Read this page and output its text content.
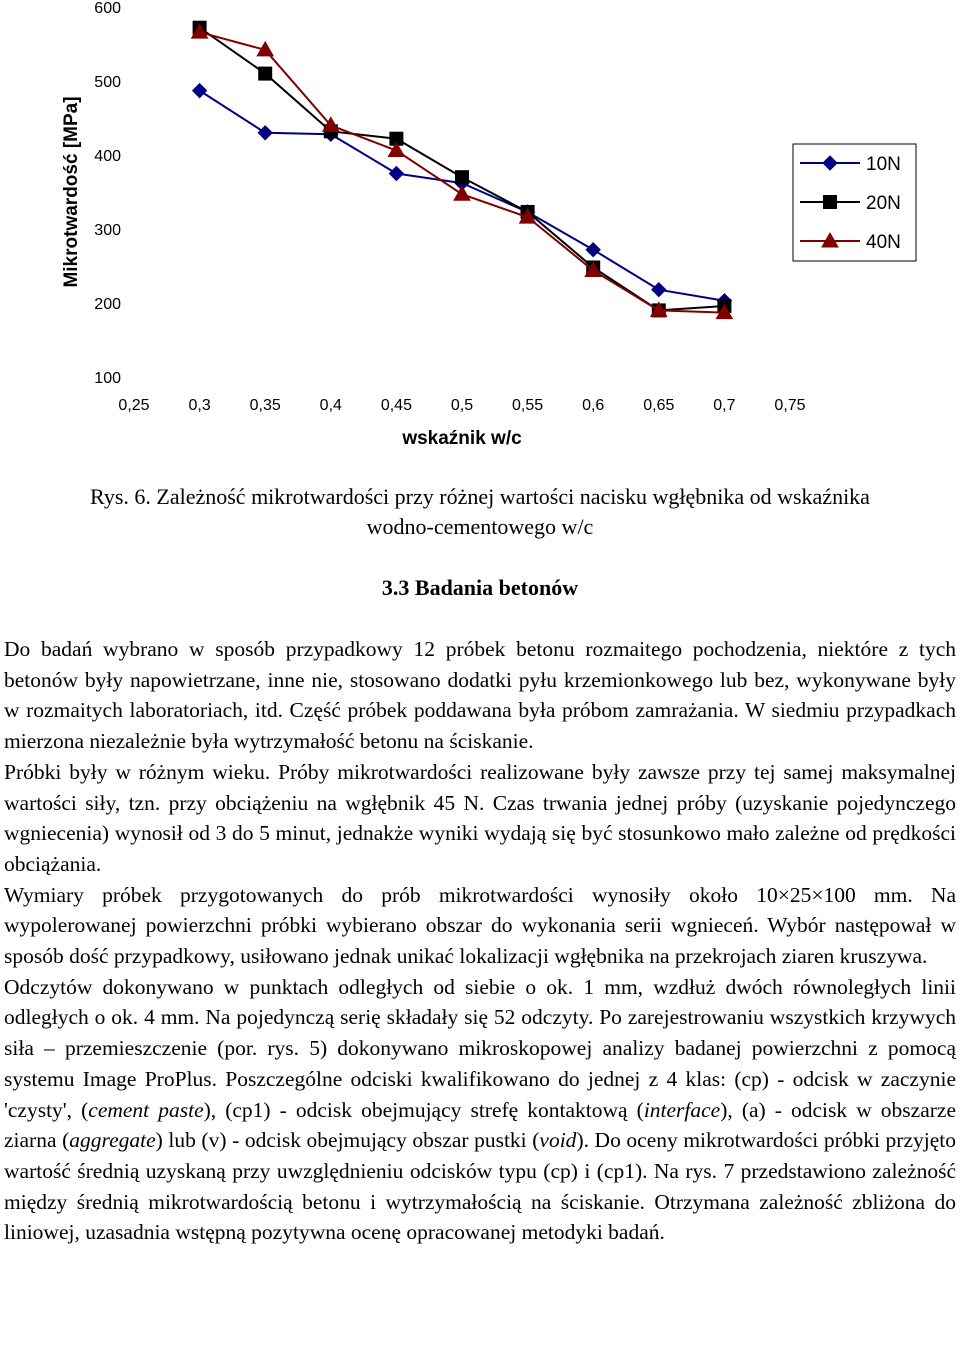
100
200
300
400
500
600
0,25 0,3 0,35 0,4 0,45 0,5 0,55 0,6 0,65 0,7 0,75
Mikrotwardość [MPa]
wskaźnik w/c
10N
20N
40N
Rys. 6. Zależność mikrotwardości przy różnej wartości nacisku wgłębnika od wskaźnika
wodno-cementowego w/c
3.3 Badania betonów

Do badań wybrano w sposób przypadkowy 12 próbek betonu rozmaitego pochodzenia, niektóre z tych betonów były napowietrzane, inne nie, stosowano dodatki pyłu krzemionkowego lub bez, wykonywane były w rozmaitych laboratoriach, itd. Część próbek poddawana była próbom zamrażania. W siedmiu przypadkach mierzona niezależnie była wytrzymałość betonu na ściskanie.

Próbki były w różnym wieku. Próby mikrotwardości realizowane były zawsze przy tej samej maksymalnej wartości siły, tzn. przy obciążeniu na wgłębnik 45 N. Czas trwania jednej próby (uzyskanie pojedynczego wgniecenia) wynosił od 3 do 5 minut, jednakże wyniki wydają się być stosunkowo mało zależne od prędkości obciążania.

Wymiary próbek przygotowanych do prób mikrotwardości wynosiły około 10×25×100 mm. Na wypolerowanej powierzchni próbki wybierano obszar do wykonania serii wgnieceń. Wybór następował w sposób dość przypadkowy, usiłowano jednak unikać lokalizacji wgłębnika na przekrojach ziaren kruszywa.

Odczytów dokonywano w punktach odległych od siebie o ok. 1 mm, wzdłuż dwóch równoległych linii odległych o ok. 4 mm. Na pojedynczą serię składały się 52 odczyty. Po zarejestrowaniu wszystkich krzywych siła – przemieszczenie (por. rys. 5) dokonywano mikroskopowej analizy badanej powierzchni z pomocą systemu Image ProPlus. Poszczególne odciski kwalifikowano do jednej z 4 klas: (cp) - odcisk w zaczynie 'czysty', (cement paste), (cp1) - odcisk obejmujący strefę kontaktową (interface), (a) - odcisk w obszarze ziarna (aggregate) lub (v) - odcisk obejmujący obszar pustki (void). Do oceny mikrotwardości próbki przyjęto wartość średnią uzyskaną przy uwzględnieniu odcisków typu (cp) i (cp1). Na rys. 7 przedstawiono zależność między średnią mikrotwardością betonu i wytrzymałością na ściskanie. Otrzymana zależność zbliżona do liniowej, uzasadnia wstępną pozytywna ocenę opracowanej metodyki badań.
